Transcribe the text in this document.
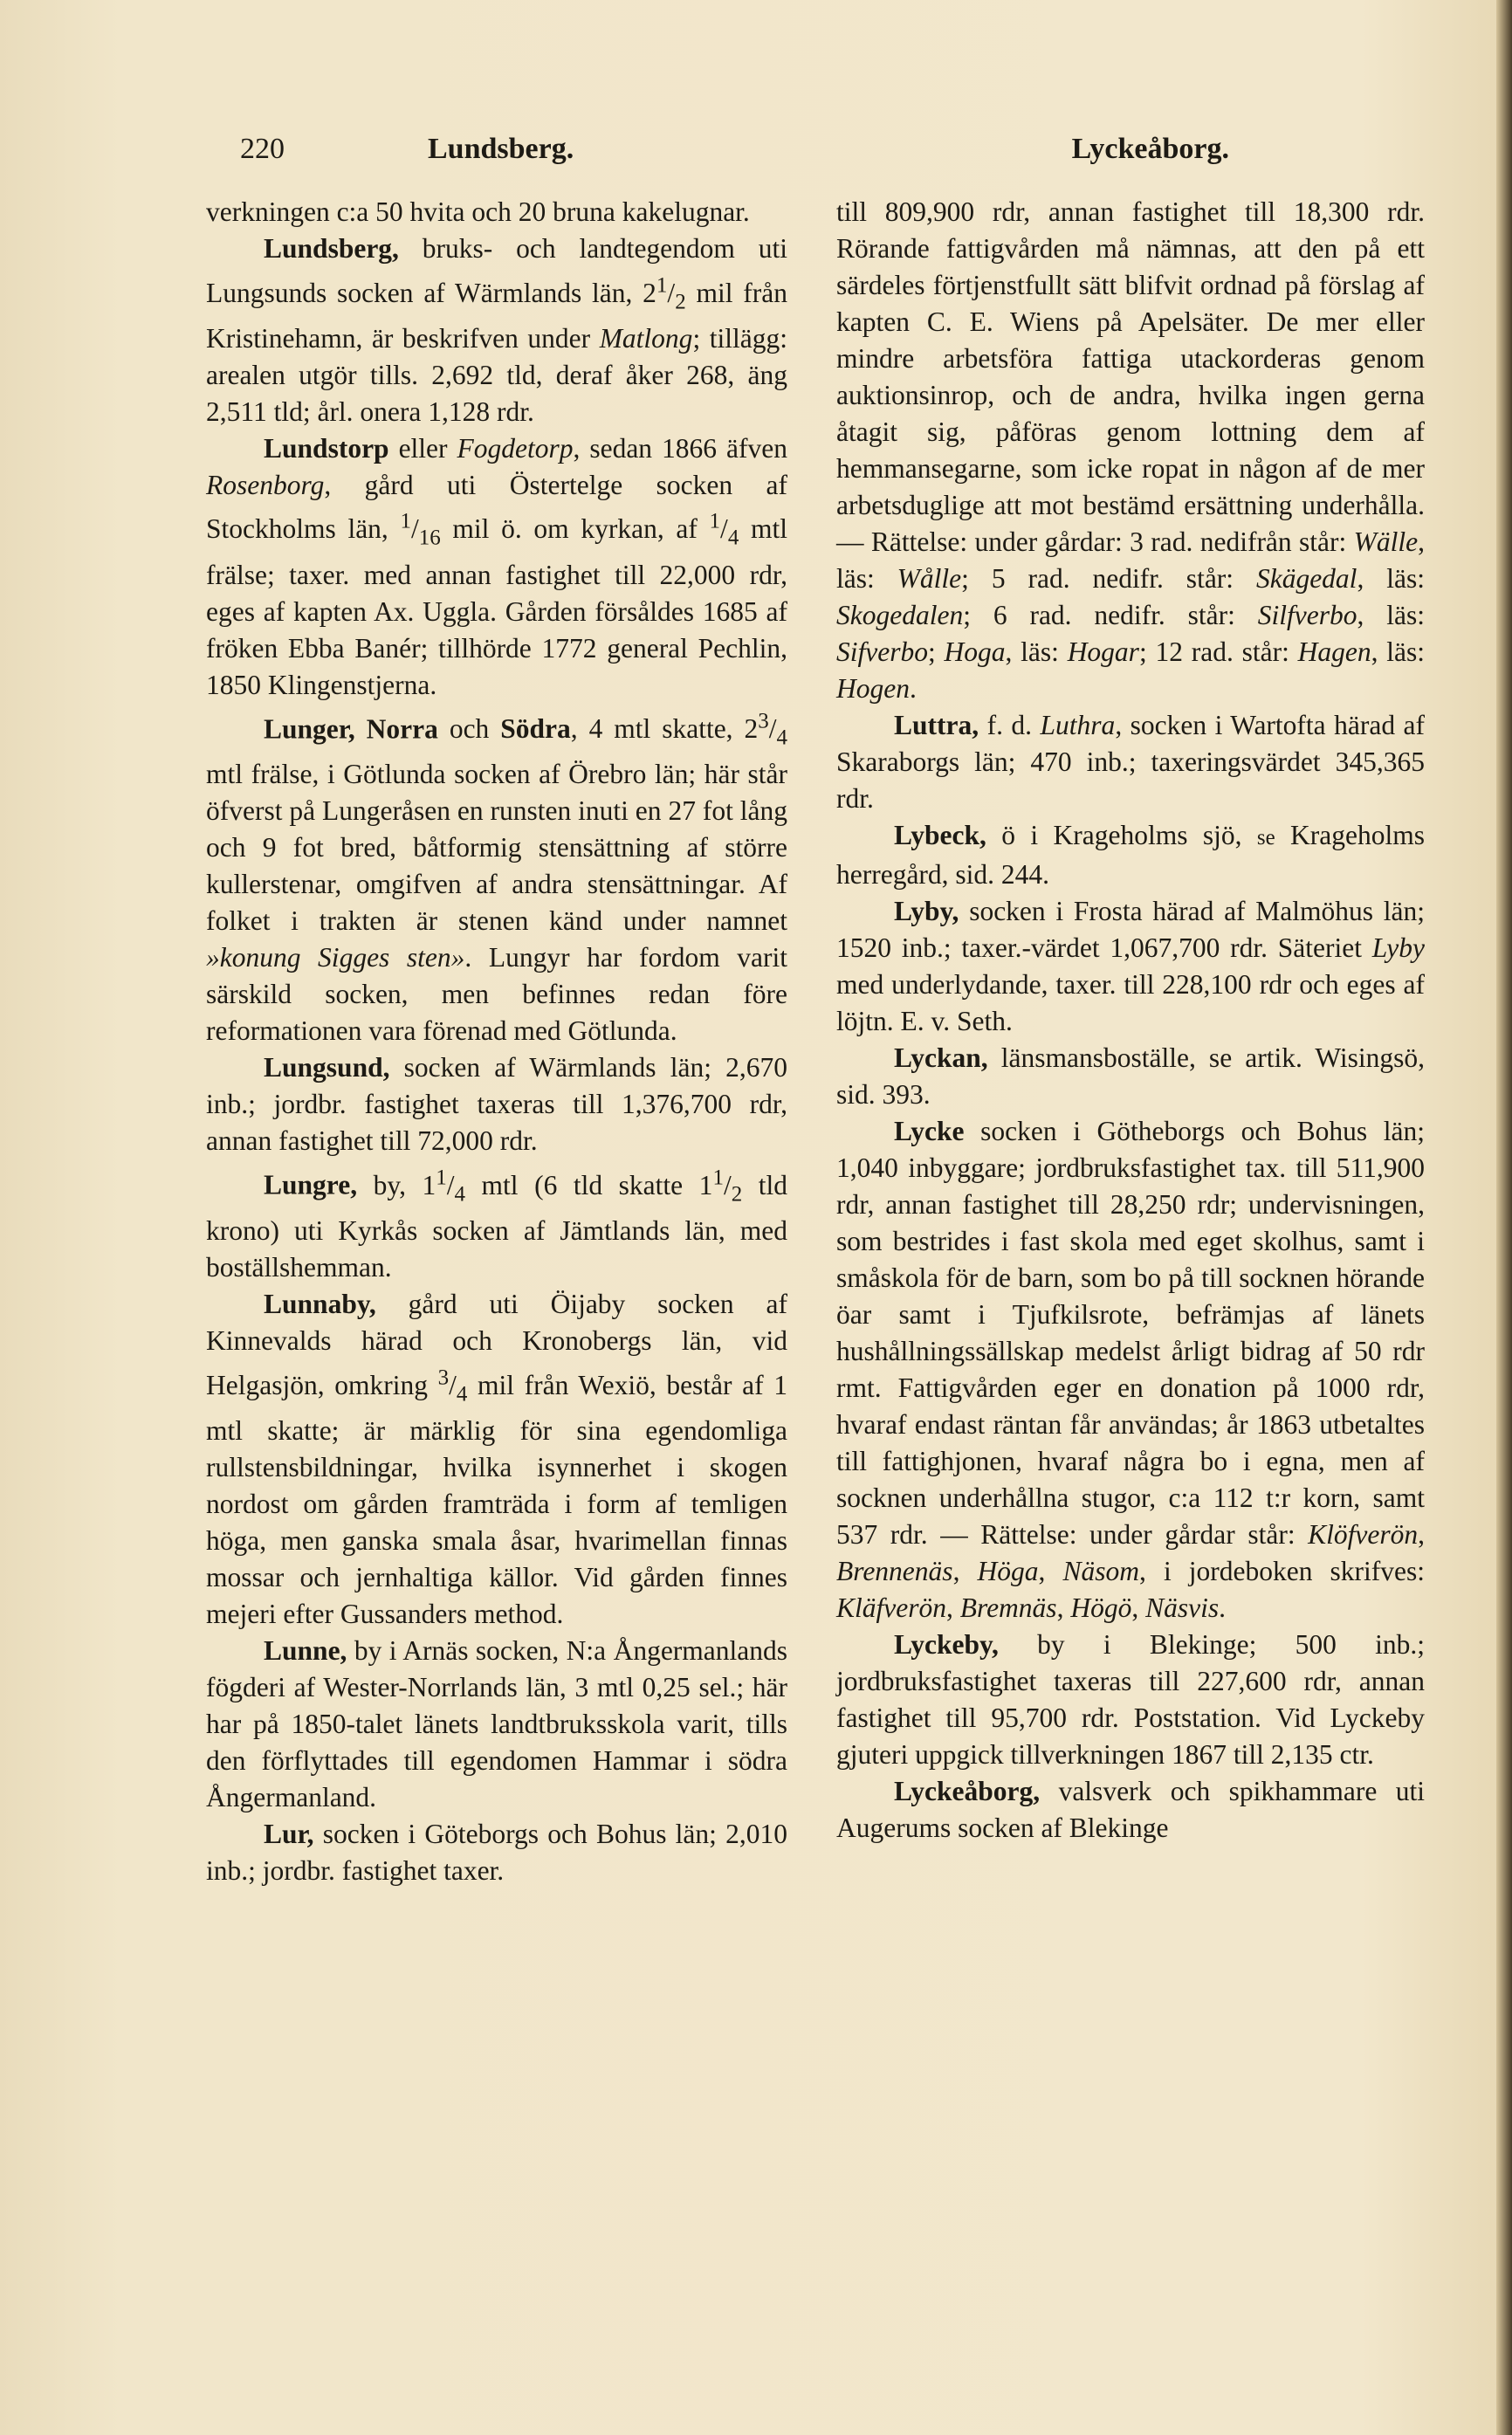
220	Lundsberg.	Lyckeåborg.

verkningen c:a 50 hvita och 20 bruna kakelugnar.

Lundsberg, bruks- och landtegendom uti Lungsunds socken af Wärmlands län, $2^1/_2$ mil från Kristinehamn, är beskrifven under Matlong; tillägg: arealen utgör tills. 2,692 tld, deraf åker 268, äng 2,511 tld; årl. onera 1,128 rdr.

Lundstorp eller Fogdetorp, sedan 1866 äfven Rosenborg, gård uti Östertelge socken af Stockholms län, $^1/_{16}$ mil ö. om kyrkan, af $^1/_4$ mtl frälse; taxer. med annan fastighet till 22,000 rdr, eges af kapten Ax. Uggla. Gården försåldes 1685 af fröken Ebba Banér; tillhörde 1772 general Pechlin, 1850 Klingenstjerna.

Lunger, Norra och Södra, 4 mtl skatte, $2^3/_4$ mtl frälse, i Götlunda socken af Örebro län; här står öfverst på Lungeråsen en runsten inuti en 27 fot lång och 9 fot bred, båtformig stensättning af större kullerstenar, omgifven af andra stensättningar. Af folket i trakten är stenen känd under namnet »konung Sigges sten». Lungyr har fordom varit särskild socken, men befinnes redan före reformationen vara förenad med Götlunda.

Lungsund, socken af Wärmlands län; 2,670 inb.; jordbr. fastighet taxeras till 1,376,700 rdr, annan fastighet till 72,000 rdr.

Lungre, by, $1^1/_4$ mtl (6 tld skatte $1^1/_2$ tld krono) uti Kyrkås socken af Jämtlands län, med boställshemman.

Lunnaby, gård uti Öijaby socken af Kinnevalds härad och Kronobergs län, vid Helgasjön, omkring $^3/_4$ mil från Wexiö, består af 1 mtl skatte; är märklig för sina egendomliga rullstensbildningar, hvilka isynnerhet i skogen nordost om gården framträda i form af temligen höga, men ganska smala åsar, hvarimellan finnas mossar och jernhaltiga källor. Vid gården finnes mejeri efter Gussanders method.

Lunne, by i Arnäs socken, N:a Ångermanlands fögderi af Wester-Norrlands län, 3 mtl 0,25 sel.; här har på 1850-talet länets landtbruksskola varit, tills den förflyttades till egendomen Hammar i södra Ångermanland.

Lur, socken i Göteborgs och Bohus län; 2,010 inb.; jordbr. fastighet taxer.

till 809,900 rdr, annan fastighet till 18,300 rdr. Rörande fattigvården må nämnas, att den på ett särdeles förtjenstfullt sätt blifvit ordnad på förslag af kapten C. E. Wiens på Apelsäter. De mer eller mindre arbetsföra fattiga utackorderas genom auktionsinrop, och de andra, hvilka ingen gerna åtagit sig, påföras genom lottning dem af hemmansegarne, som icke ropat in någon af de mer arbetsduglige att mot bestämd ersättning underhålla. — Rättelse: under gårdar: 3 rad. nedifrån står: Wälle, läs: Wålle; 5 rad. nedifr. står: Skägedal, läs: Skogedalen; 6 rad. nedifr. står: Silfverbo, läs: Sifverbo; Hoga, läs: Hogar; 12 rad. står: Hagen, läs: Hogen.

Luttra, f. d. Luthra, socken i Wartofta härad af Skaraborgs län; 470 inb.; taxeringsvärdet 345,365 rdr.

Lybeck, ö i Krageholms sjö, se Krageholms herregård, sid. 244.

Lyby, socken i Frosta härad af Malmöhus län; 1520 inb.; taxer.-värdet 1,067,700 rdr. Säteriet Lyby med underlydande, taxer. till 228,100 rdr och eges af löjtn. E. v. Seth.

Lyckan, länsmansboställe, se artik. Wisingsö, sid. 393.

Lycke socken i Götheborgs och Bohus län; 1,040 inbyggare; jordbruksfastighet tax. till 511,900 rdr, annan fastighet till 28,250 rdr; undervisningen, som bestrides i fast skola med eget skolhus, samt i småskola för de barn, som bo på till socknen hörande öar samt i Tjufkilsrote, befrämjas af länets hushållningssällskap medelst årligt bidrag af 50 rdr rmt. Fattigvården eger en donation på 1000 rdr, hvaraf endast räntan får användas; år 1863 utbetaltes till fattighjonen, hvaraf några bo i egna, men af socknen underhållna stugor, c:a 112 t:r korn, samt 537 rdr. — Rättelse: under gårdar står: Klöfverön, Brennenäs, Höga, Näsom, i jordeboken skrifves: Kläfverön, Bremnäs, Högö, Näsvis.

Lyckeby, by i Blekinge; 500 inb.; jordbruksfastighet taxeras till 227,600 rdr, annan fastighet till 95,700 rdr. Poststation. Vid Lyckeby gjuteri uppgick tillverkningen 1867 till 2,135 ctr.

Lyckeåborg, valsverk och spikhammare uti Augerums socken af Blekinge
